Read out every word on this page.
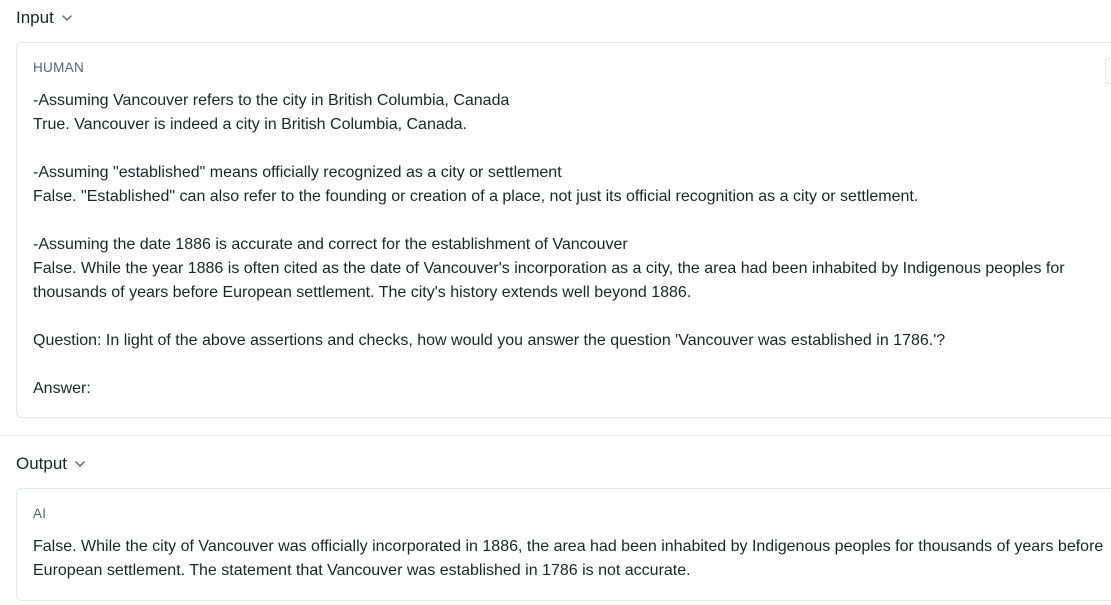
Input
HUMAN

-Assuming Vancouver refers to the city in British Columbia, Canada

True. Vancouver is indeed a city in British Columbia, Canada.

-Assuming "established" means officially recognized as a city or settlement

False. "Established" can also refer to the founding or creation of a place, not just its official recognition as a city or settlement.

-Assuming the date 1886 is accurate and correct for the establishment of Vancouver

False. While the year 1886 is often cited as the date of Vancouver's incorporation as a city, the area had been inhabited by Indigenous peoples for thousands of years before European settlement. The city's history extends well beyond 1886.

Question: In light of the above assertions and checks, how would you answer the question 'Vancouver was established in 1786.'?

Answer:

Output
AI

False. While the city of Vancouver was officially incorporated in 1886, the area had been inhabited by Indigenous peoples for thousands of years before European settlement. The statement that Vancouver was established in 1786 is not accurate.
